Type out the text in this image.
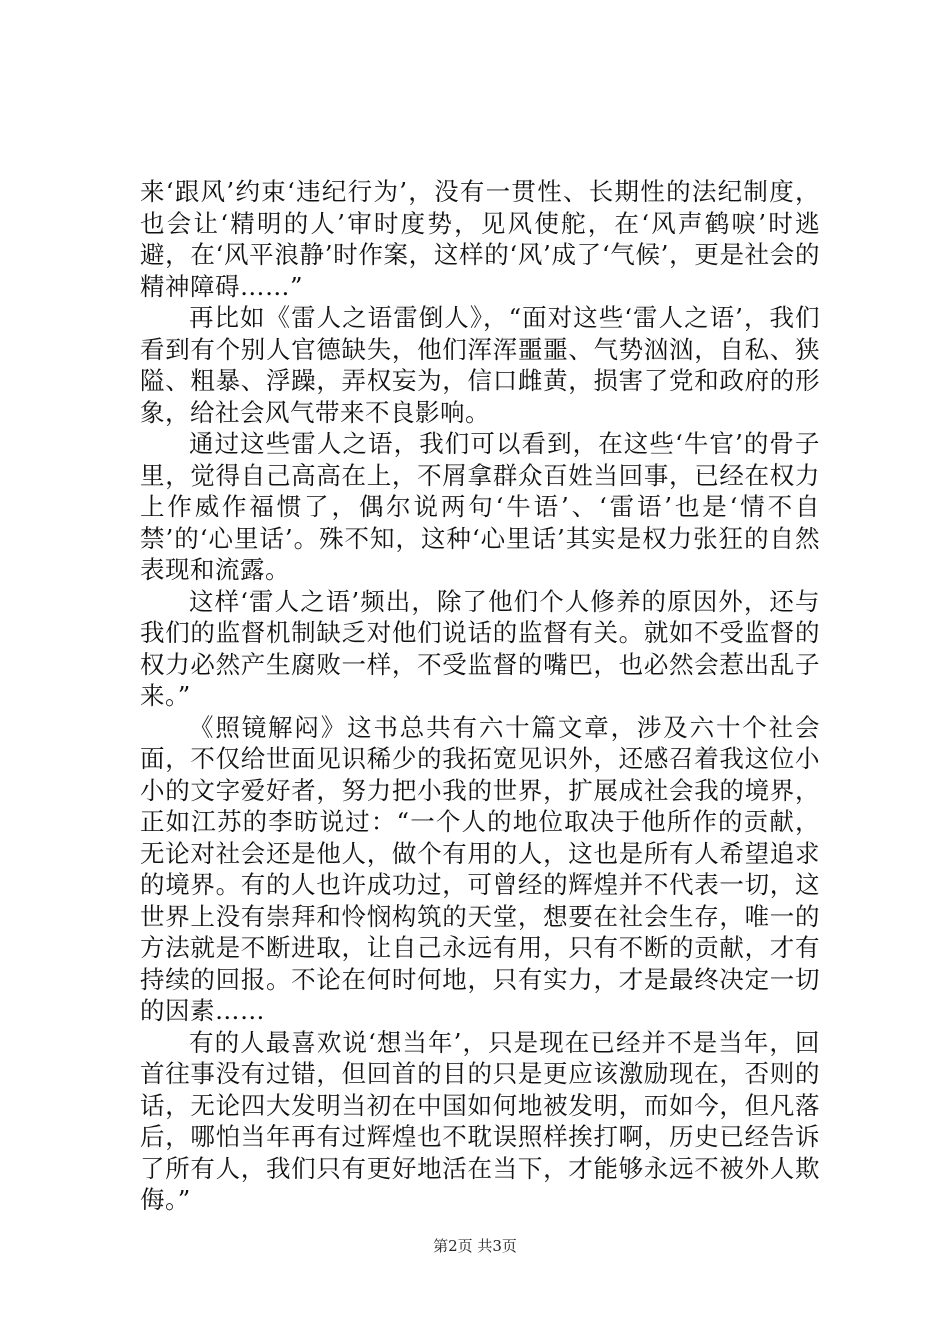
来‘跟风’约束‘违纪行为’，没有一贯性、长期性的法纪制度，也会让‘精明的人’审时度势，见风使舵，在‘风声鹤唳’时逃避，在‘风平浪静’时作案，这样的‘风’成了‘气候’，更是社会的精神障碍……”

再比如《雷人之语雷倒人》，“面对这些‘雷人之语’，我们看到有个别人官德缺失，他们浑浑噩噩、气势汹汹，自私、狭隘、粗暴、浮躁，弄权妄为，信口雌黄，损害了党和政府的形象，给社会风气带来不良影响。

通过这些雷人之语，我们可以看到，在这些‘牛官’的骨子里，觉得自己高高在上，不屑拿群众百姓当回事，已经在权力上作威作福惯了，偶尔说两句‘牛语’、‘雷语’也是‘情不自禁’的‘心里话’。殊不知，这种‘心里话’其实是权力张狂的自然表现和流露。

这样‘雷人之语’频出，除了他们个人修养的原因外，还与我们的监督机制缺乏对他们说话的监督有关。就如不受监督的权力必然产生腐败一样，不受监督的嘴巴，也必然会惹出乱子来。”

《照镜解闷》这书总共有六十篇文章，涉及六十个社会面，不仅给世面见识稀少的我拓宽见识外，还感召着我这位小小的文字爱好者，努力把小我的世界，扩展成社会我的境界，正如江苏的李昉说过：“一个人的地位取决于他所作的贡献，无论对社会还是他人，做个有用的人，这也是所有人希望追求的境界。有的人也许成功过，可曾经的辉煌并不代表一切，这世界上没有崇拜和怜悯构筑的天堂，想要在社会生存，唯一的方法就是不断进取，让自己永远有用，只有不断的贡献，才有持续的回报。不论在何时何地，只有实力，才是最终决定一切的因素……

有的人最喜欢说‘想当年’，只是现在已经并不是当年，回首往事没有过错，但回首的目的只是更应该激励现在，否则的话，无论四大发明当初在中国如何地被发明，而如今，但凡落后，哪怕当年再有过辉煌也不耽误照样挨打啊，历史已经告诉了所有人，我们只有更好地活在当下，才能够永远不被外人欺侮。”

第2页 共3页
